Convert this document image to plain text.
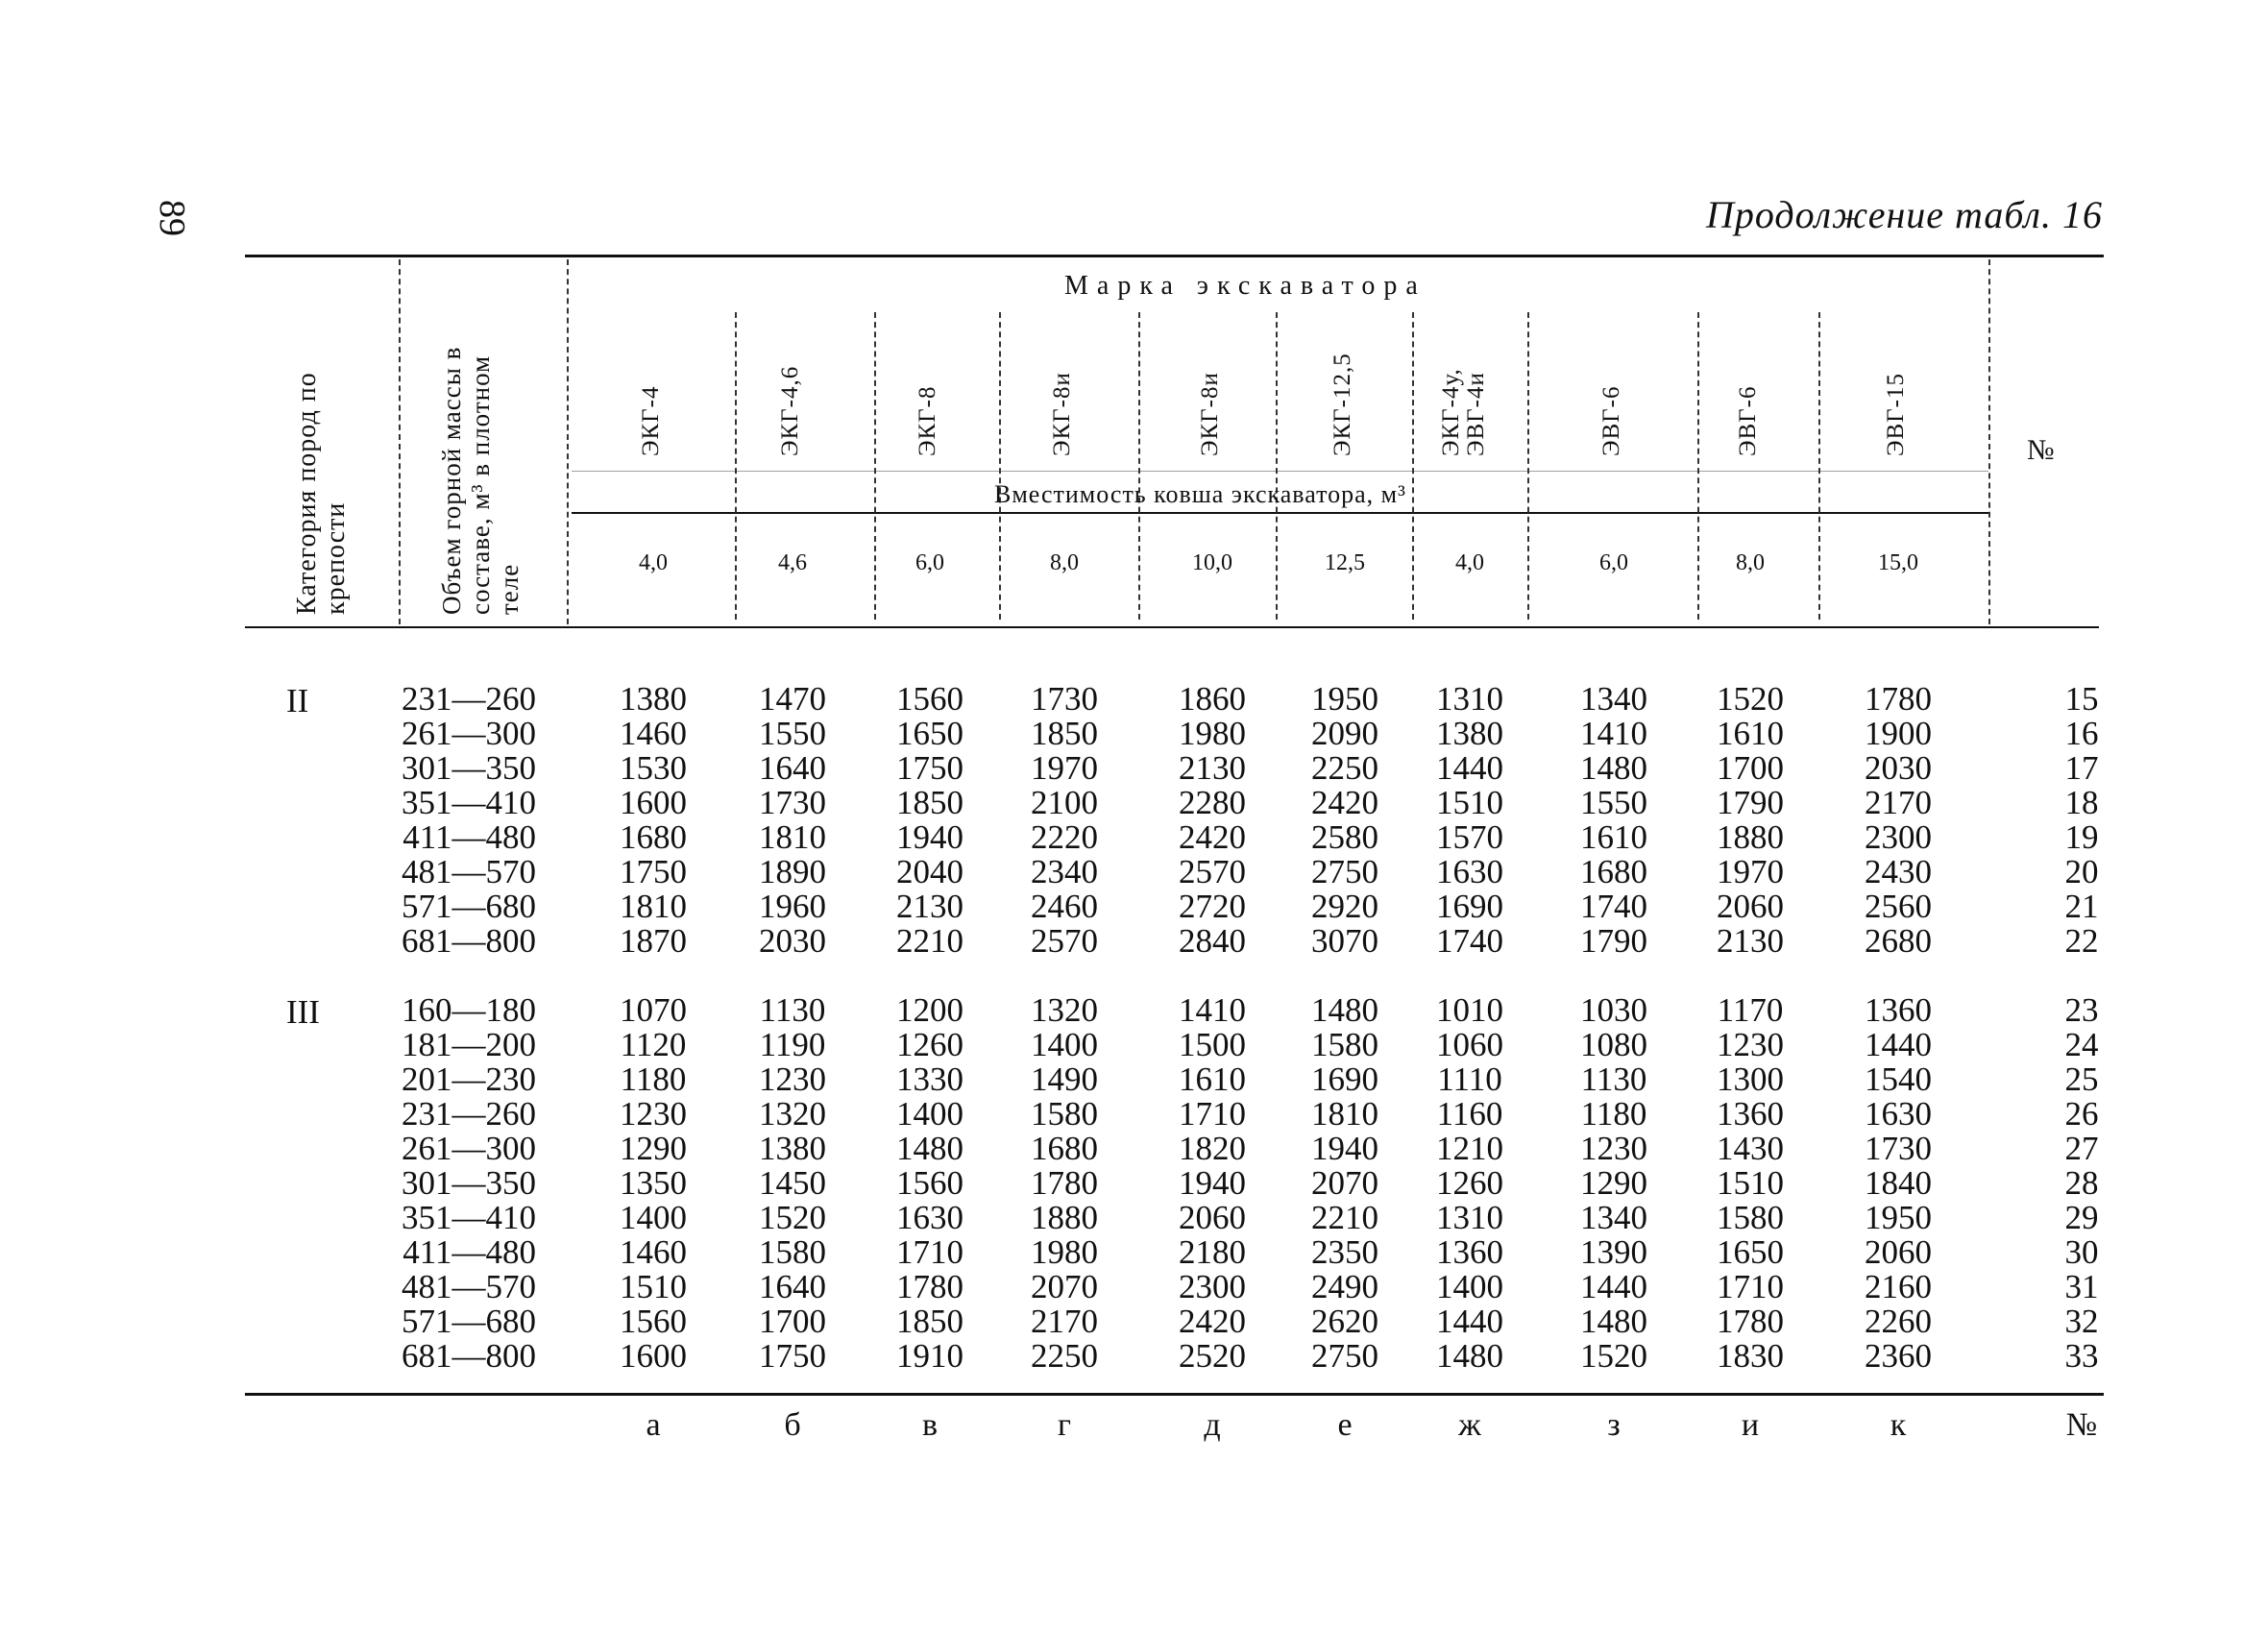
89	Продолжение табл. 16
Категория пород по крепости	Объем горной массы в составе, м³ в плотном теле
Марка экскаватора
Вместимость ковша экскаватора, м³
№
ЭКГ-4	ЭКГ-4,6	ЭКГ-8	ЭКГ-8и	ЭКГ-8и	ЭКГ-12,5	ЭКГ-4у, ЭВГ-4и	ЭВГ-6	ЭВГ-6	ЭВГ-15
4,0	4,6	6,0	8,0	10,0	12,5	4,0	6,0	8,0	15,0
II	231—260	1380	1470	1560	1730	1860	1950	1310	1340	1520	1780	15
261—300	1460	1550	1650	1850	1980	2090	1380	1410	1610	1900	16
301—350	1530	1640	1750	1970	2130	2250	1440	1480	1700	2030	17
351—410	1600	1730	1850	2100	2280	2420	1510	1550	1790	2170	18
411—480	1680	1810	1940	2220	2420	2580	1570	1610	1880	2300	19
481—570	1750	1890	2040	2340	2570	2750	1630	1680	1970	2430	20
571—680	1810	1960	2130	2460	2720	2920	1690	1740	2060	2560	21
681—800	1870	2030	2210	2570	2840	3070	1740	1790	2130	2680	22
III	160—180	1070	1130	1200	1320	1410	1480	1010	1030	1170	1360	23
181—200	1120	1190	1260	1400	1500	1580	1060	1080	1230	1440	24
201—230	1180	1230	1330	1490	1610	1690	1110	1130	1300	1540	25
231—260	1230	1320	1400	1580	1710	1810	1160	1180	1360	1630	26
261—300	1290	1380	1480	1680	1820	1940	1210	1230	1430	1730	27
301—350	1350	1450	1560	1780	1940	2070	1260	1290	1510	1840	28
351—410	1400	1520	1630	1880	2060	2210	1310	1340	1580	1950	29
411—480	1460	1580	1710	1980	2180	2350	1360	1390	1650	2060	30
481—570	1510	1640	1780	2070	2300	2490	1400	1440	1710	2160	31
571—680	1560	1700	1850	2170	2420	2620	1440	1480	1780	2260	32
681—800	1600	1750	1910	2250	2520	2750	1480	1520	1830	2360	33
а	б	в	г	д	е	ж	з	и	к	№
